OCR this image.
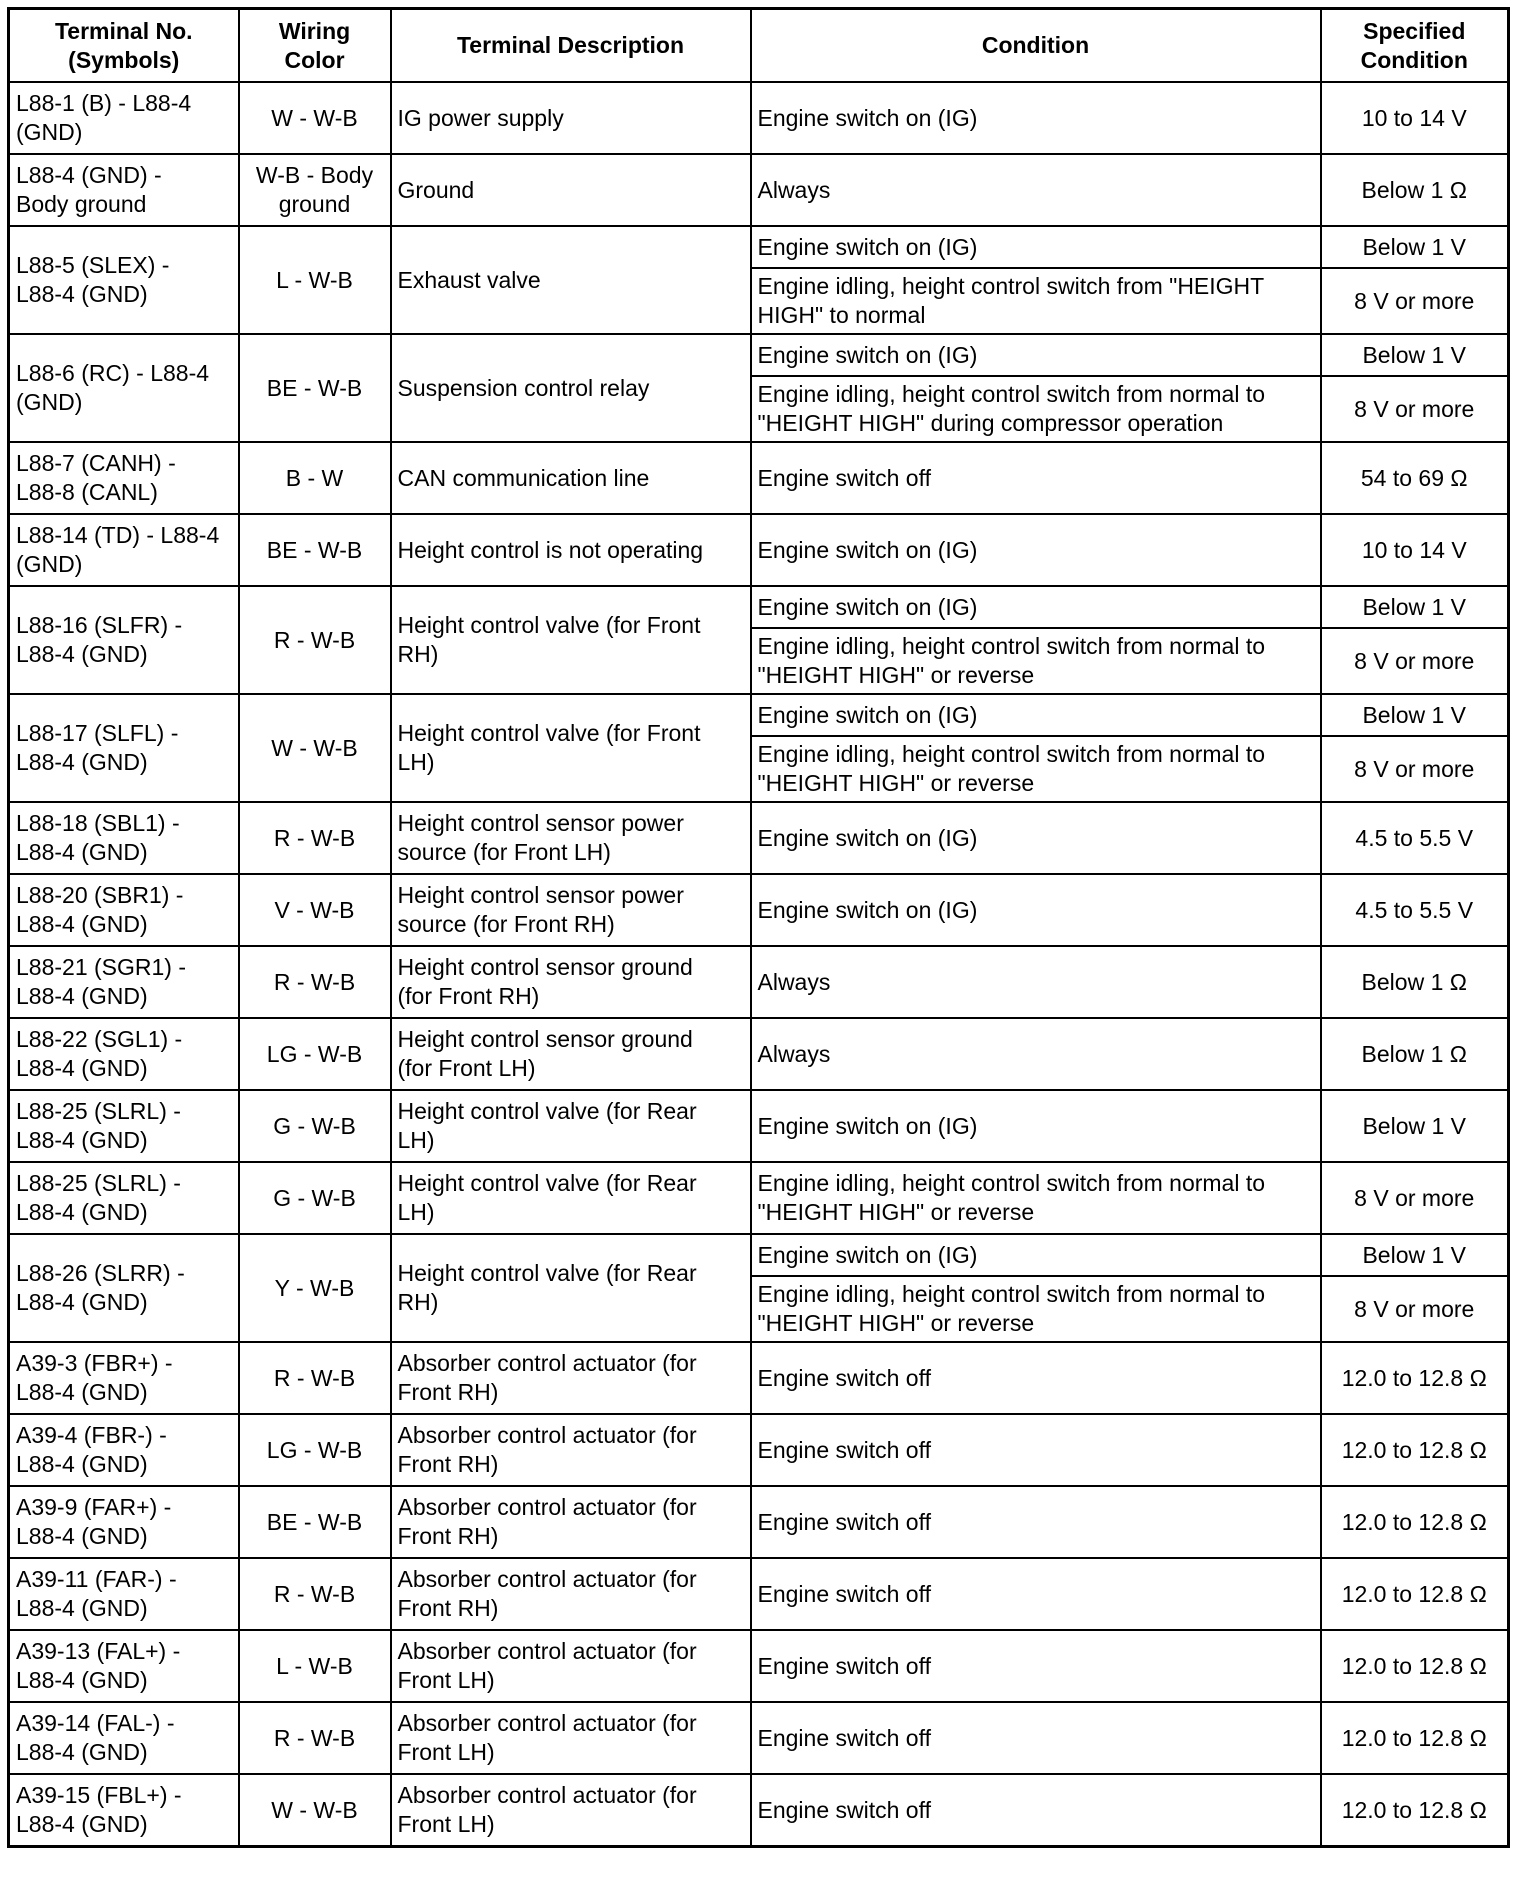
Terminal No.
(Symbols)	Wiring
Color	Terminal Description	Condition	Specified
Condition
L88-1 (B) - L88-4
(GND)	W - W-B	IG power supply	Engine switch on (IG)	10 to 14 V
L88-4 (GND) -
Body ground	W-B - Body
ground	Ground	Always	Below 1 Ω
L88-5 (SLEX) -
L88-4 (GND)	L - W-B	Exhaust valve	Engine switch on (IG)	Below 1 V
			Engine idling, height control switch from "HEIGHT
HIGH" to normal	8 V or more
L88-6 (RC) - L88-4
(GND)	BE - W-B	Suspension control relay	Engine switch on (IG)	Below 1 V
			Engine idling, height control switch from normal to
"HEIGHT HIGH" during compressor operation	8 V or more
L88-7 (CANH) -
L88-8 (CANL)	B - W	CAN communication line	Engine switch off	54 to 69 Ω
L88-14 (TD) - L88-4
(GND)	BE - W-B	Height control is not operating	Engine switch on (IG)	10 to 14 V
L88-16 (SLFR) -
L88-4 (GND)	R - W-B	Height control valve (for Front
RH)	Engine switch on (IG)	Below 1 V
			Engine idling, height control switch from normal to
"HEIGHT HIGH" or reverse	8 V or more
L88-17 (SLFL) -
L88-4 (GND)	W - W-B	Height control valve (for Front
LH)	Engine switch on (IG)	Below 1 V
			Engine idling, height control switch from normal to
"HEIGHT HIGH" or reverse	8 V or more
L88-18 (SBL1) -
L88-4 (GND)	R - W-B	Height control sensor power
source (for Front LH)	Engine switch on (IG)	4.5 to 5.5 V
L88-20 (SBR1) -
L88-4 (GND)	V - W-B	Height control sensor power
source (for Front RH)	Engine switch on (IG)	4.5 to 5.5 V
L88-21 (SGR1) -
L88-4 (GND)	R - W-B	Height control sensor ground
(for Front RH)	Always	Below 1 Ω
L88-22 (SGL1) -
L88-4 (GND)	LG - W-B	Height control sensor ground
(for Front LH)	Always	Below 1 Ω
L88-25 (SLRL) -
L88-4 (GND)	G - W-B	Height control valve (for Rear
LH)	Engine switch on (IG)	Below 1 V
L88-25 (SLRL) -
L88-4 (GND)	G - W-B	Height control valve (for Rear
LH)	Engine idling, height control switch from normal to
"HEIGHT HIGH" or reverse	8 V or more
L88-26 (SLRR) -
L88-4 (GND)	Y - W-B	Height control valve (for Rear
RH)	Engine switch on (IG)	Below 1 V
			Engine idling, height control switch from normal to
"HEIGHT HIGH" or reverse	8 V or more
A39-3 (FBR+) -
L88-4 (GND)	R - W-B	Absorber control actuator (for
Front RH)	Engine switch off	12.0 to 12.8 Ω
A39-4 (FBR-) -
L88-4 (GND)	LG - W-B	Absorber control actuator (for
Front RH)	Engine switch off	12.0 to 12.8 Ω
A39-9 (FAR+) -
L88-4 (GND)	BE - W-B	Absorber control actuator (for
Front RH)	Engine switch off	12.0 to 12.8 Ω
A39-11 (FAR-) -
L88-4 (GND)	R - W-B	Absorber control actuator (for
Front RH)	Engine switch off	12.0 to 12.8 Ω
A39-13 (FAL+) -
L88-4 (GND)	L - W-B	Absorber control actuator (for
Front LH)	Engine switch off	12.0 to 12.8 Ω
A39-14 (FAL-) -
L88-4 (GND)	R - W-B	Absorber control actuator (for
Front LH)	Engine switch off	12.0 to 12.8 Ω
A39-15 (FBL+) -
L88-4 (GND)	W - W-B	Absorber control actuator (for
Front LH)	Engine switch off	12.0 to 12.8 Ω
